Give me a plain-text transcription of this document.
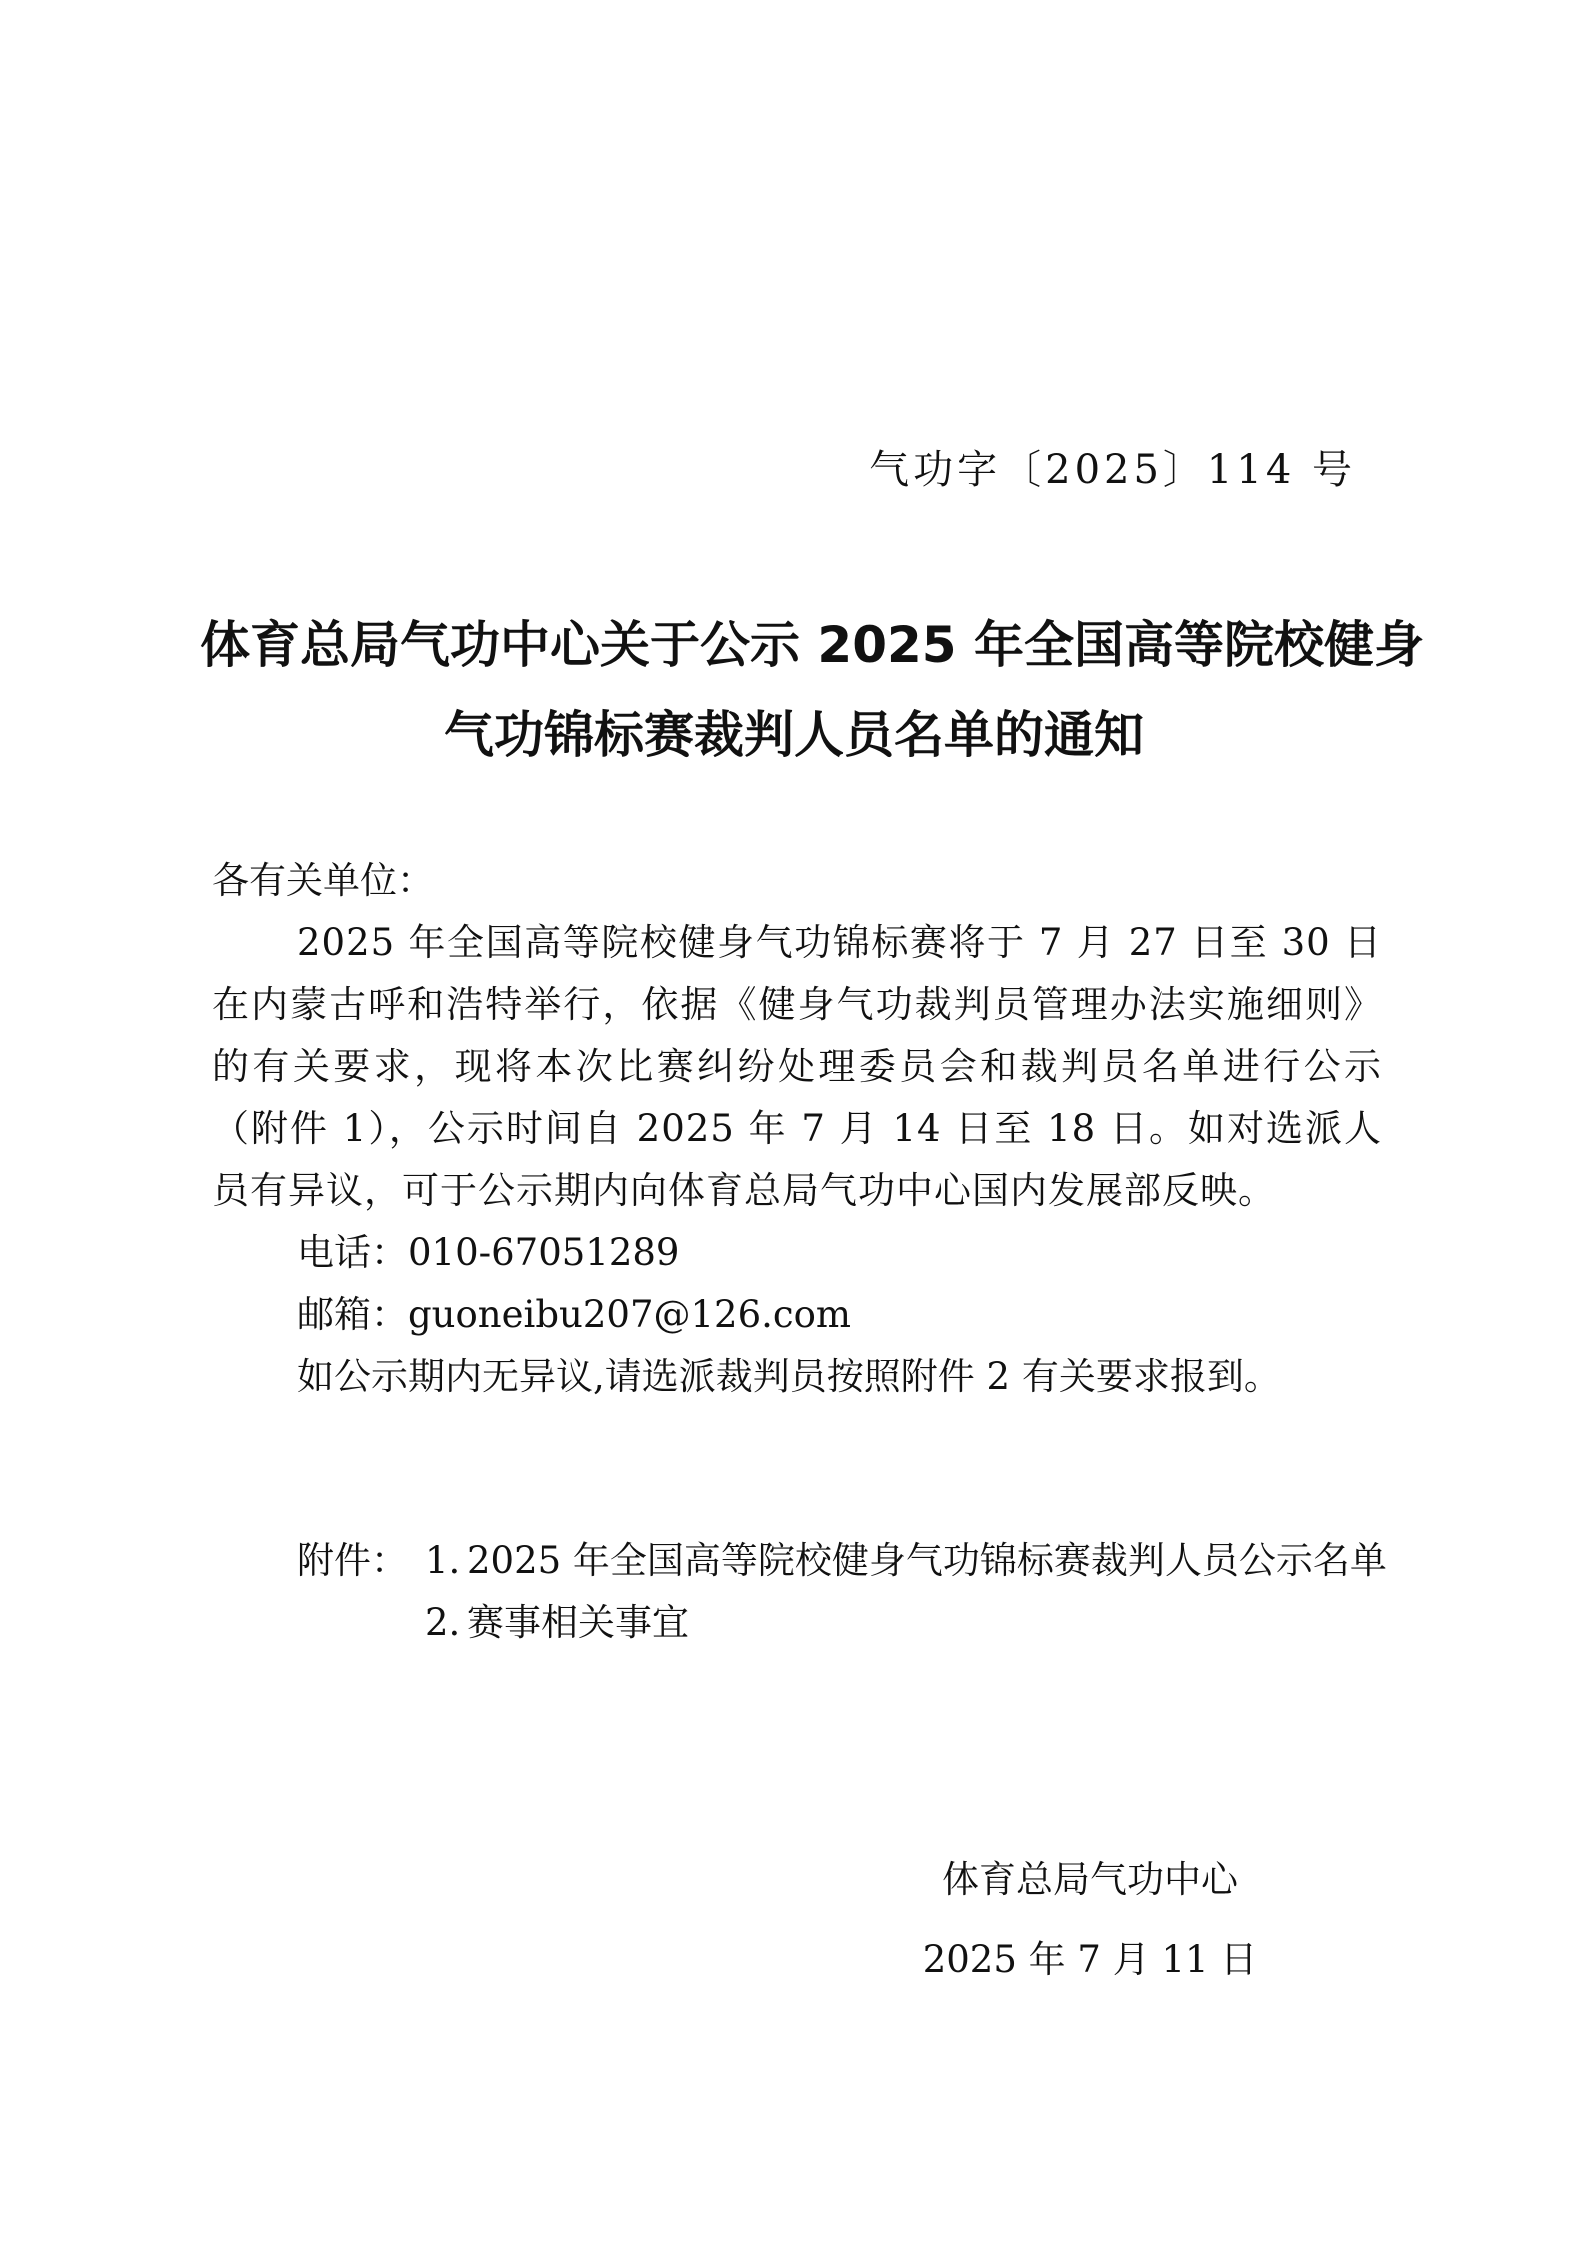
气功字〔2025〕114 号
体育总局气功中心关于公示 2025 年全国高等院校健身
气功锦标赛裁判人员名单的通知

各有关单位：

2025 年全国高等院校健身气功锦标赛将于 7 月 27 日至 30 日在内蒙古呼和浩特举行，依据《健身气功裁判员管理办法实施细则》的有关要求，现将本次比赛纠纷处理委员会和裁判员名单进行公示（附件 1），公示时间自 2025 年 7 月 14 日至 18 日。如对选派人员有异议，可于公示期内向体育总局气功中心国内发展部反映。

电话：010-67051289

邮箱：guoneibu207@126.com

如公示期内无异议,请选派裁判员按照附件 2 有关要求报到。

附件： 1. 2025 年全国高等院校健身气功锦标赛裁判人员公示名单
2. 赛事相关事宜
体育总局气功中心
2025 年 7 月 11 日
